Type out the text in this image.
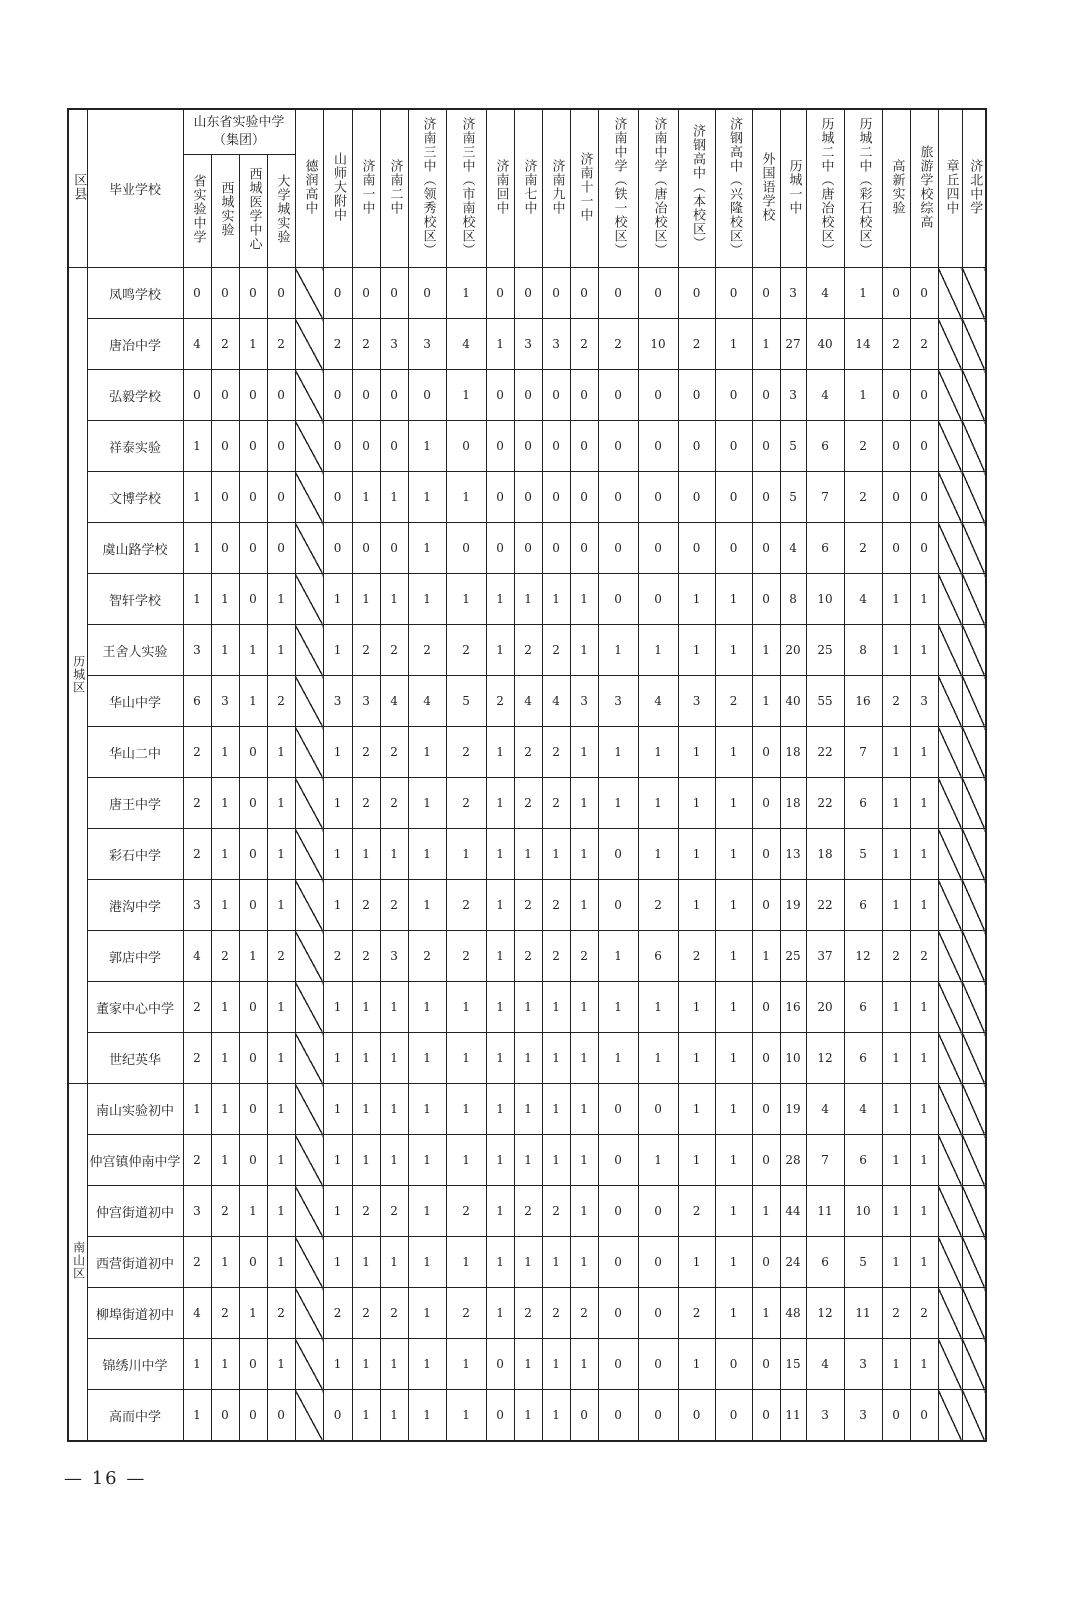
区县	毕业学校	山东省实验中学（集团）				德润高中	山师大附中	济南一中	济南二中	济南三中（领秀校区）	济南三中（市南校区）	济南回中	济南七中	济南九中	济南十一中	济南中学（铁一校区）	济南中学（唐冶校区）	济钢高中（本校区）	济钢高中（兴隆校区）	外国语学校	历城一中	历城二中（唐冶校区）	历城二中（彩石校区）	高新实验	旅游学校综高	章丘四中	济北中学
		省实验中学	西城实验	西城医学中心	大学城实验																						
历城区	凤鸣学校	0	0	0	0		0	0	0	0	1	0	0	0	0	0	0	0	0	0	3	4	1	0	0		
	唐冶中学	4	2	1	2		2	2	3	3	4	1	3	3	2	2	10	2	1	1	27	40	14	2	2		
	弘毅学校	0	0	0	0		0	0	0	0	1	0	0	0	0	0	0	0	0	0	3	4	1	0	0		
	祥泰实验	1	0	0	0		0	0	0	1	0	0	0	0	0	0	0	0	0	0	5	6	2	0	0		
	文博学校	1	0	0	0		0	1	1	1	1	0	0	0	0	0	0	0	0	0	5	7	2	0	0		
	虞山路学校	1	0	0	0		0	0	0	1	0	0	0	0	0	0	0	0	0	0	4	6	2	0	0		
	智轩学校	1	1	0	1		1	1	1	1	1	1	1	1	1	0	0	1	1	0	8	10	4	1	1		
	王舍人实验	3	1	1	1		1	2	2	2	2	1	2	2	1	1	1	1	1	1	20	25	8	1	1		
	华山中学	6	3	1	2		3	3	4	4	5	2	4	4	3	3	4	3	2	1	40	55	16	2	3		
	华山二中	2	1	0	1		1	2	2	1	2	1	2	2	1	1	1	1	1	0	18	22	7	1	1		
	唐王中学	2	1	0	1		1	2	2	1	2	1	2	2	1	1	1	1	1	0	18	22	6	1	1		
	彩石中学	2	1	0	1		1	1	1	1	1	1	1	1	1	0	1	1	1	0	13	18	5	1	1		
	港沟中学	3	1	0	1		1	2	2	1	2	1	2	2	1	0	2	1	1	0	19	22	6	1	1		
	郭店中学	4	2	1	2		2	2	3	2	2	1	2	2	2	1	6	2	1	1	25	37	12	2	2		
	董家中心中学	2	1	0	1		1	1	1	1	1	1	1	1	1	1	1	1	1	0	16	20	6	1	1		
	世纪英华	2	1	0	1		1	1	1	1	1	1	1	1	1	1	1	1	1	0	10	12	6	1	1		
南山区	南山实验初中	1	1	0	1		1	1	1	1	1	1	1	1	1	0	0	1	1	0	19	4	4	1	1		
	仲宫镇仲南中学	2	1	0	1		1	1	1	1	1	1	1	1	1	0	1	1	1	0	28	7	6	1	1		
	仲宫街道初中	3	2	1	1		1	2	2	1	2	1	2	2	1	0	0	2	1	1	44	11	10	1	1		
	西营街道初中	2	1	0	1		1	1	1	1	1	1	1	1	1	0	0	1	1	0	24	6	5	1	1		
	柳埠街道初中	4	2	1	2		2	2	2	1	2	1	2	2	2	0	0	2	1	1	48	12	11	2	2		
	锦绣川中学	1	1	0	1		1	1	1	1	1	0	1	1	1	0	0	1	0	0	15	4	3	1	1		
	高而中学	1	0	0	0		0	1	1	1	1	0	1	1	0	0	0	0	0	0	11	3	3	0	0		
— 16 —
